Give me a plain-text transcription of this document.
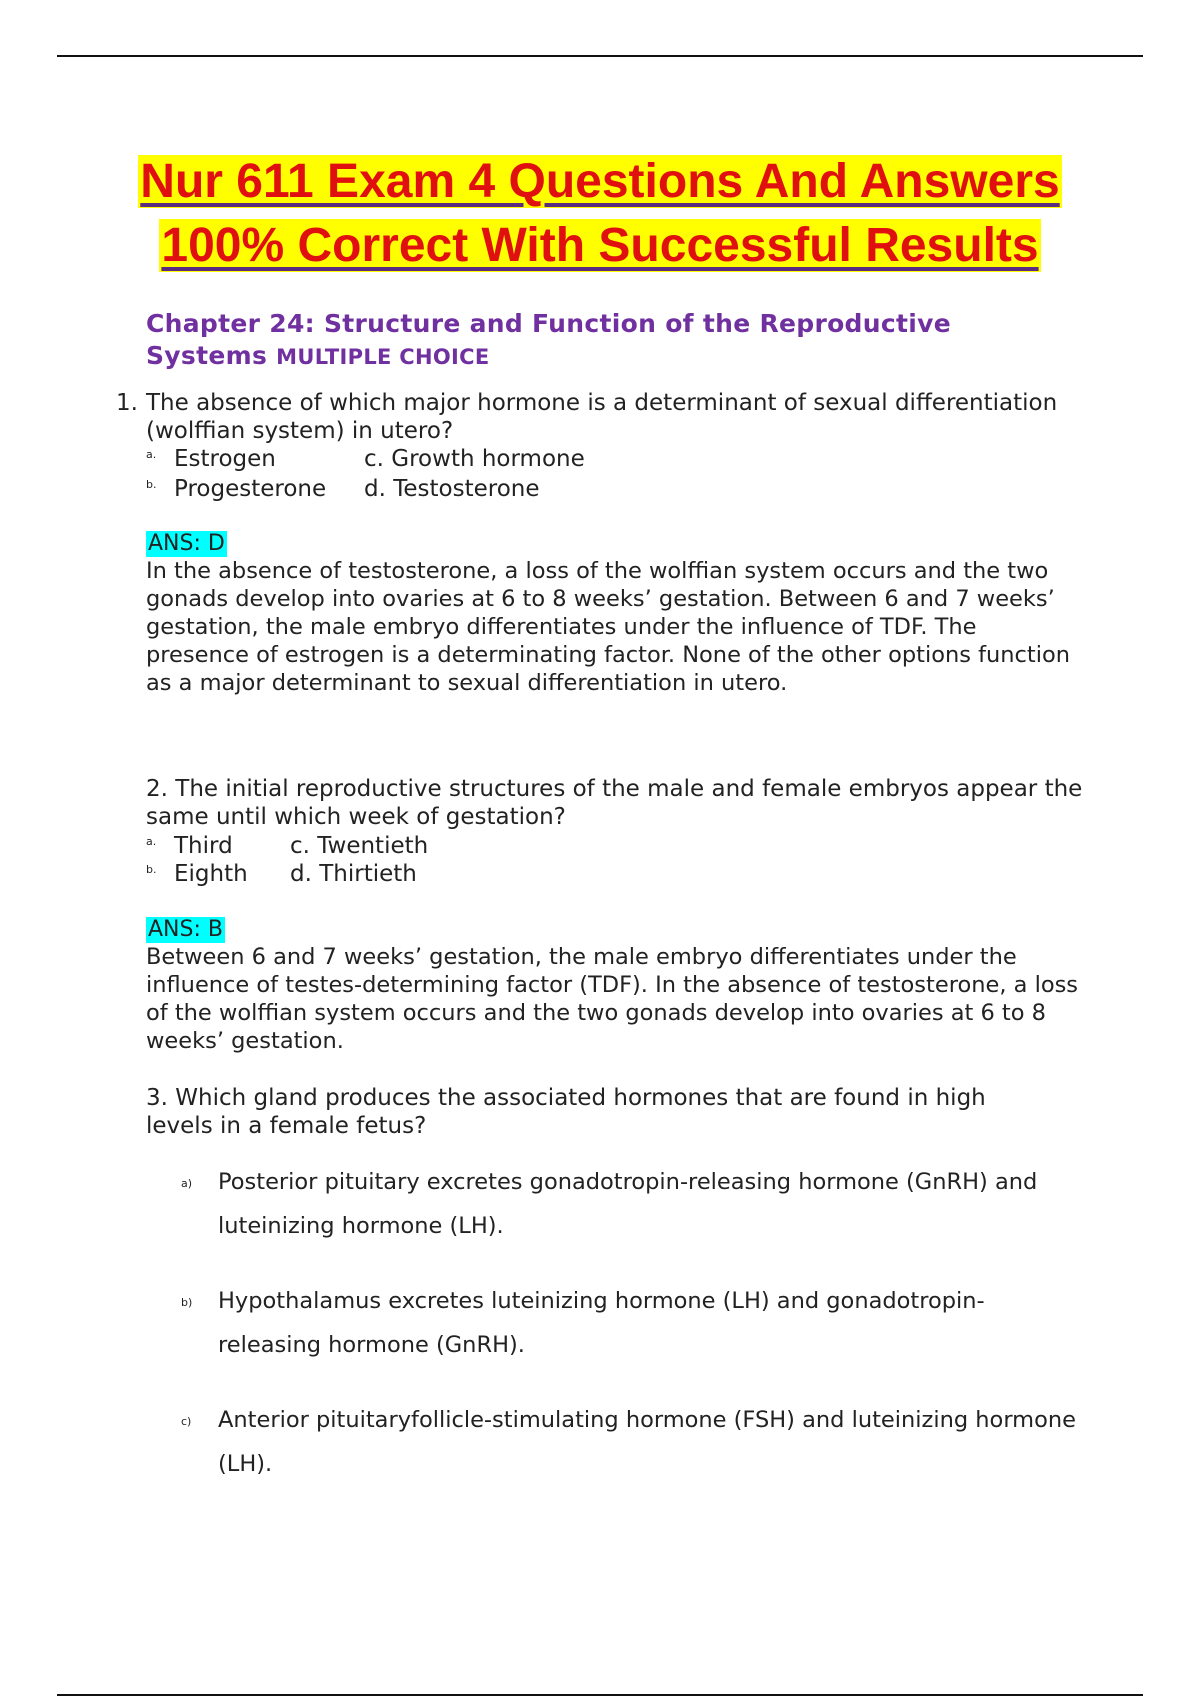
Nur 611 Exam 4 Questions And Answers
100% Correct With Successful Results
Chapter 24: Structure and Function of the Reproductive Systems MULTIPLE CHOICE
1. The absence of which major hormone is a determinant of sexual differentiation (wolffian system) in utero?
a. Estrogen
b. Progesterone
c. Growth hormone
d. Testosterone
ANS: D
In the absence of testosterone, a loss of the wolffian system occurs and the two gonads develop into ovaries at 6 to 8 weeks’ gestation. Between 6 and 7 weeks’ gestation, the male embryo differentiates under the influence of TDF. The presence of estrogen is a determinating factor. None of the other options function as a major determinant to sexual differentiation in utero.
2. The initial reproductive structures of the male and female embryos appear the same until which week of gestation?
a. Third
b. Eighth
c. Twentieth
d. Thirtieth
ANS: B
Between 6 and 7 weeks’ gestation, the male embryo differentiates under the influence of testes-determining factor (TDF). In the absence of testosterone, a loss of the wolffian system occurs and the two gonads develop into ovaries at 6 to 8 weeks’ gestation.
3. Which gland produces the associated hormones that are found in high levels in a female fetus?
a) Posterior pituitary excretes gonadotropin-releasing hormone (GnRH) and luteinizing hormone (LH).
b) Hypothalamus excretes luteinizing hormone (LH) and gonadotropin-releasing hormone (GnRH).
c) Anterior pituitaryfollicle-stimulating hormone (FSH) and luteinizing hormone (LH).
